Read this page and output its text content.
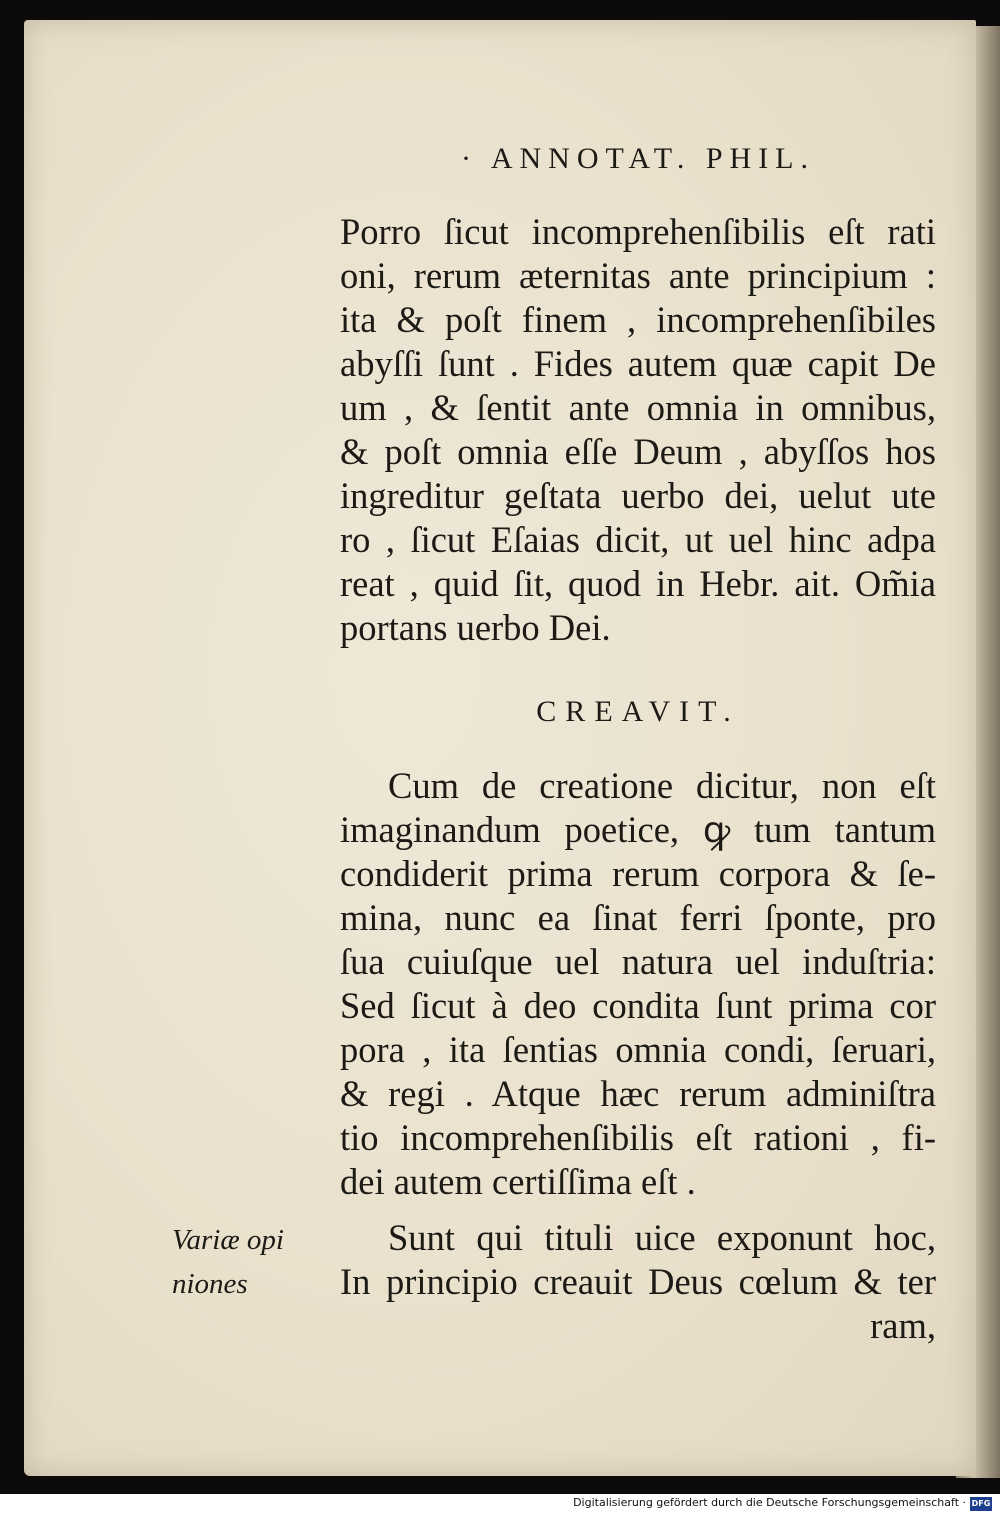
· ANNOTAT. PHIL.
Porro ſicut incomprehenſibilis eſt rati
oni, rerum æternitas ante principium :
ita & poſt finem , incomprehenſibiles
abyſſi ſunt . Fides autem quæ capit De
um , & ſentit ante omnia in omnibus,
& poſt omnia eſſe Deum , abyſſos hos
ingreditur geſtata uerbo dei, uelut ute
ro , ſicut Eſaias dicit, ut uel hinc adpa
reat , quid ſit, quod in Hebr. ait. Om̃ia
portans uerbo Dei.
CREAVIT.
Cum de creatione dicitur, non eſt
imaginandum poetice, ꝙ tum tantum
condiderit prima rerum corpora & ſe-
mina, nunc ea ſinat ferri ſponte, pro
ſua cuiuſque uel natura uel induſtria:
Sed ſicut à deo condita ſunt prima cor
pora , ita ſentias omnia condi, ſeruari,
& regi . Atque hæc rerum adminiſtra
tio incomprehenſibilis eſt rationi , fi-
dei autem certiſſima eſt .
Sunt qui tituli uice exponunt hoc,
In principio creauit Deus cœlum & ter
ram,
Variæ opi
niones
Digitalisierung gefördert durch die Deutsche Forschungsgemeinschaft · DFG
